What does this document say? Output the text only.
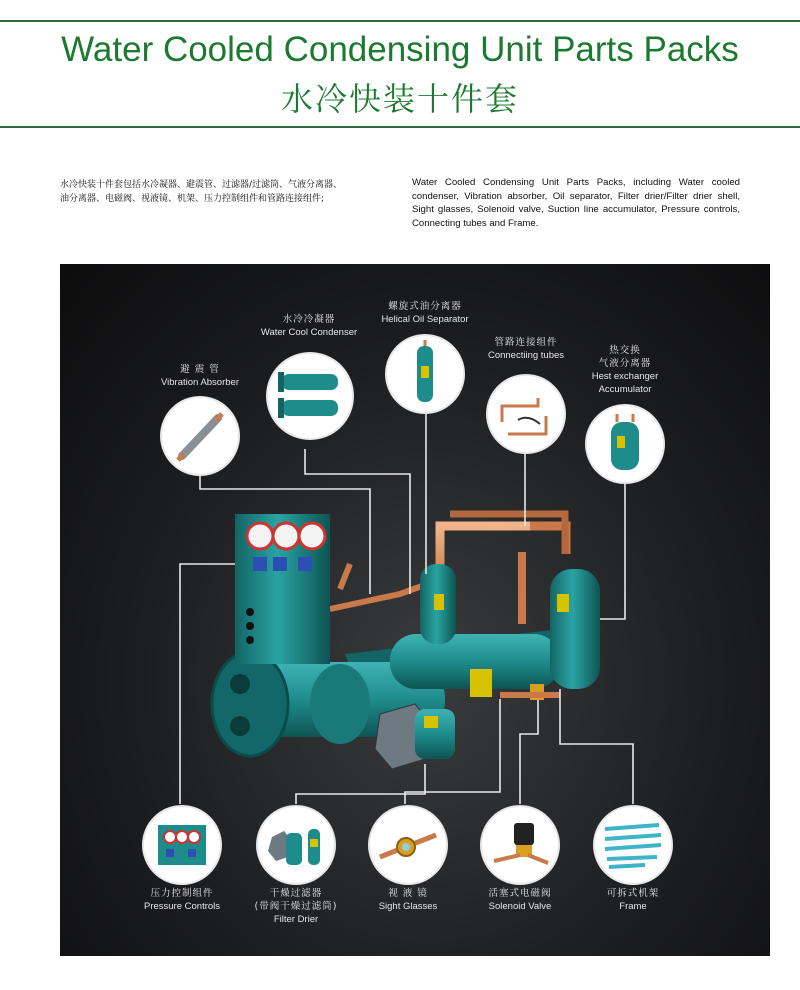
Water Cooled Condensing Unit Parts Packs
水冷快装十件套
水冷快装十件套包括水冷凝器、避震管、过滤器/过滤筒、气液分离器、
油分离器、电磁阀、视液镜、机架、压力控制组件和管路连接组件;
Water Cooled Condensing Unit Parts Packs, including Water cooled condenser, Vibration absorber, Oil separator, Filter drier/Filter drier shell, Sight glasses, Solenoid valve, Suction line accumulator, Pressure controls, Connecting tubes and Frame.
避 震 管
Vibration Absorber
水冷冷凝器
Water Cool Condenser
螺旋式油分离器
Helical Oil Separator
管路连接组件
Connectiing tubes	热交换
气液分离器
Hest exchanger
Accumulator
压力控制组件
Pressure Controls
干燥过滤器
(带阀干燥过滤筒)
Filter Drier
视 液 镜
Sight Glasses
活塞式电磁阀
Solenoid Valve
可拆式机架
Frame
